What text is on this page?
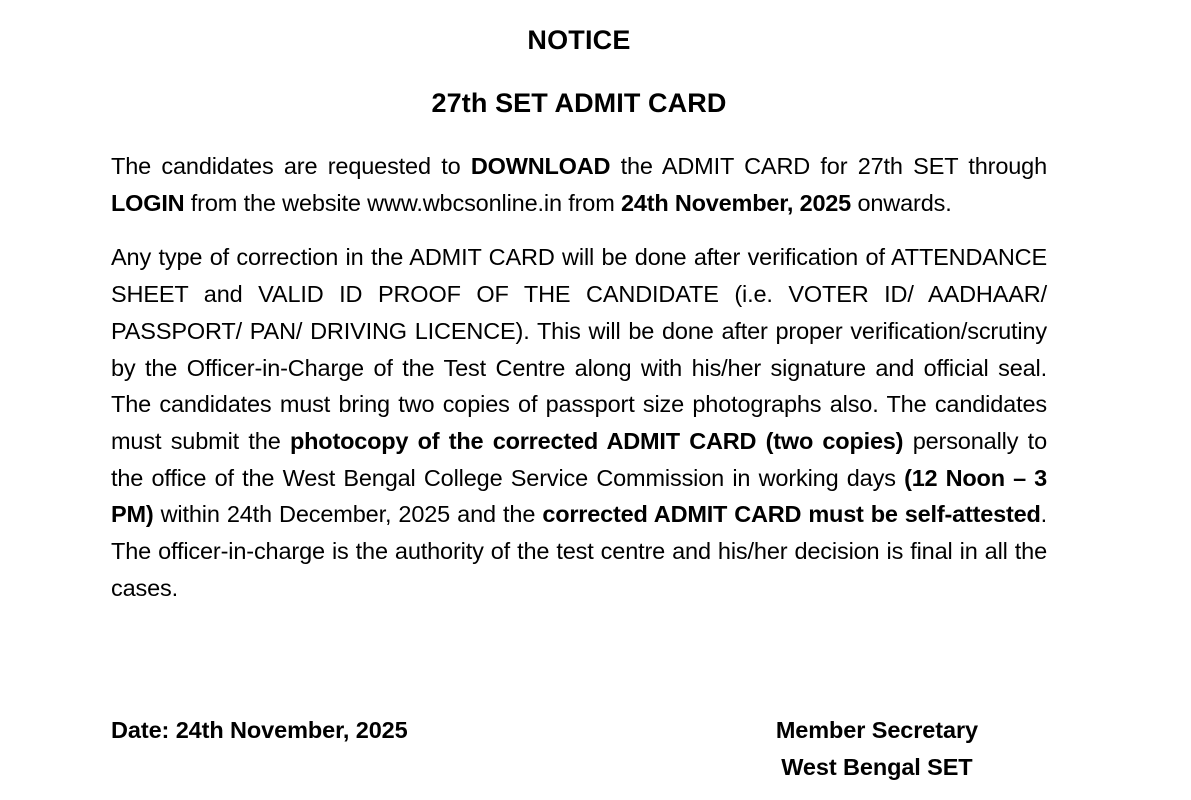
NOTICE
27th SET ADMIT CARD

The candidates are requested to DOWNLOAD the ADMIT CARD for 27th SET through LOGIN from the website www.wbcsonline.in from 24th November, 2025 onwards.

Any type of correction in the ADMIT CARD will be done after verification of ATTENDANCE SHEET and VALID ID PROOF OF THE CANDIDATE (i.e. VOTER ID/ AADHAAR/ PASSPORT/ PAN/ DRIVING LICENCE). This will be done after proper verification/scrutiny by the Officer-in-Charge of the Test Centre along with his/her signature and official seal. The candidates must bring two copies of passport size photographs also. The candidates must submit the photocopy of the corrected ADMIT CARD (two copies) personally to the office of the West Bengal College Service Commission in working days (12 Noon – 3 PM) within 24th December, 2025 and the corrected ADMIT CARD must be self-attested. The officer-in-charge is the authority of the test centre and his/her decision is final in all the cases.

Date: 24th November, 2025	Member Secretary
West Bengal SET
